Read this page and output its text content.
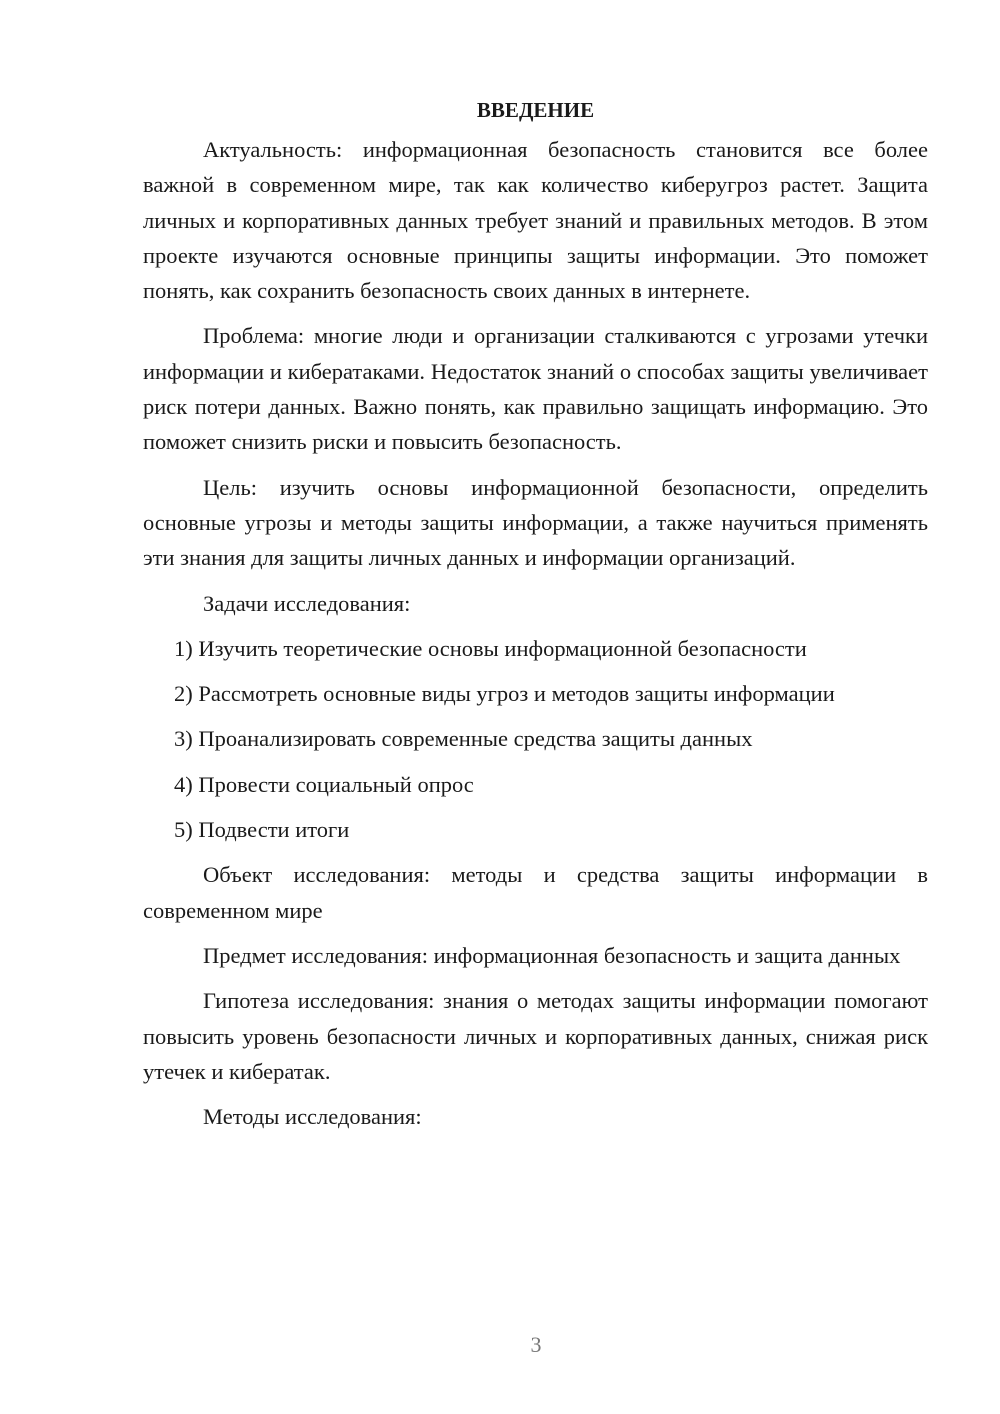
ВВЕДЕНИЕ

Актуальность: информационная безопасность становится все более важной в современном мире, так как количество киберугроз растет. Защита личных и корпоративных данных требует знаний и правильных методов. В этом проекте изучаются основные принципы защиты информации. Это поможет понять, как сохранить безопасность своих данных в интернете.

Проблема: многие люди и организации сталкиваются с угрозами утечки информации и кибератаками. Недостаток знаний о способах защиты увеличивает риск потери данных. Важно понять, как правильно защищать информацию. Это поможет снизить риски и повысить безопасность.

Цель: изучить основы информационной безопасности, определить основные угрозы и методы защиты информации, а также научиться применять эти знания для защиты личных данных и информации организаций.

Задачи исследования:

1) Изучить теоретические основы информационной безопасности

2) Рассмотреть основные виды угроз и методов защиты информации

3) Проанализировать современные средства защиты данных

4) Провести социальный опрос

5) Подвести итоги

Объект исследования: методы и средства защиты информации в современном мире

Предмет исследования: информационная безопасность и защита данных

Гипотеза исследования: знания о методах защиты информации помогают повысить уровень безопасности личных и корпоративных данных, снижая риск утечек и кибератак.

Методы исследования:

3
